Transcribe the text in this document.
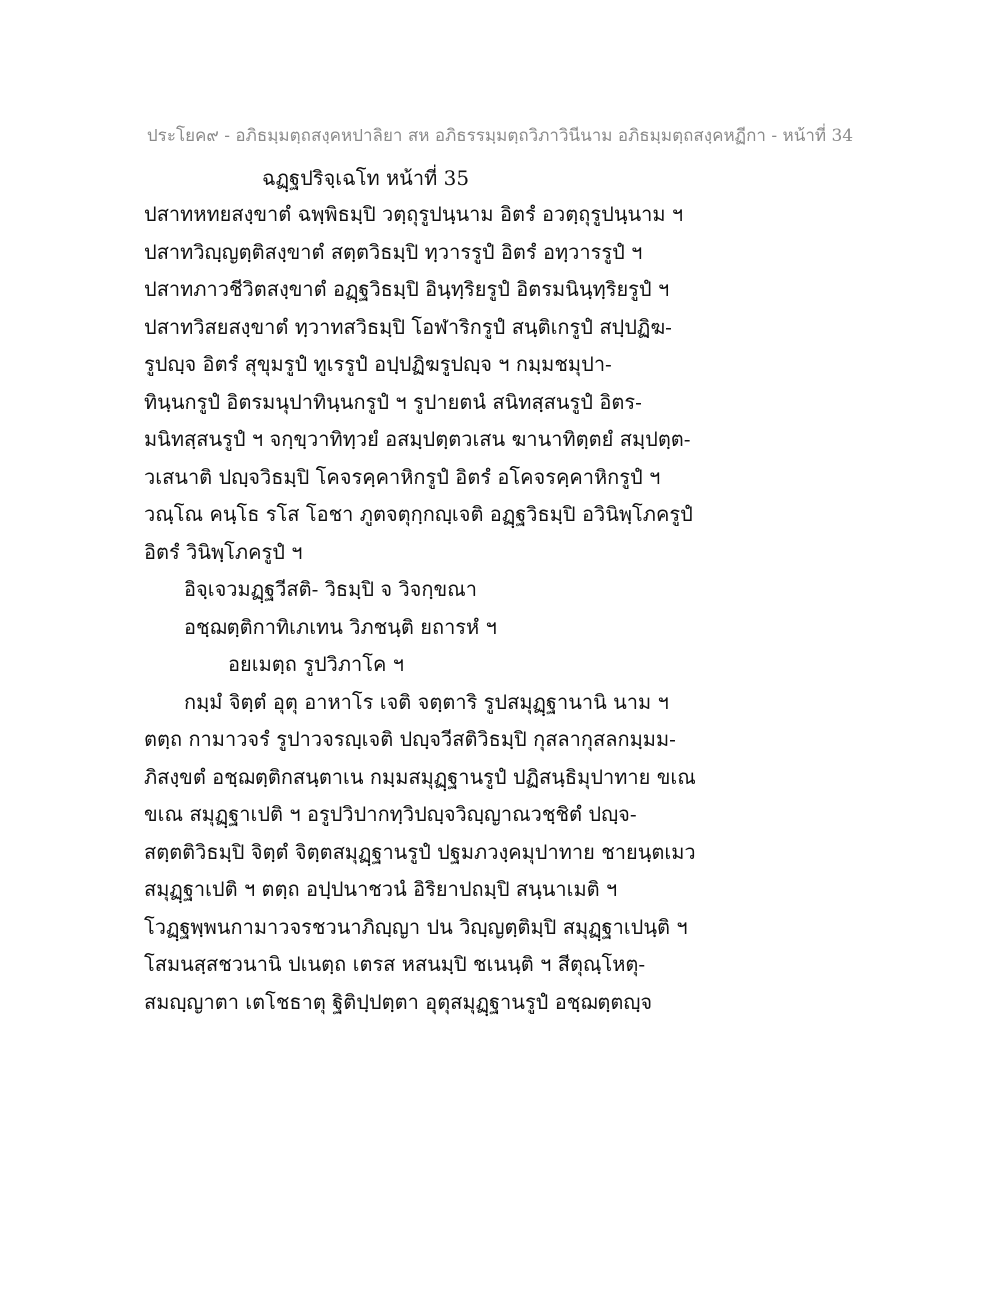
ประโยค๙ - อภิธมฺมตฺถสงฺคหปาลิยา สห อภิธรรมฺมตฺถวิภาวินีนาม อภิธมฺมตฺถสงฺคหฏีกา - หน้าที่ 34
ฉฏฺฐปริจฺเฉโท หน้าที่ 35
ปสาทหทยสงฺขาตํ ฉพฺพิธมฺปิ วตฺถุรูปนฺนาม อิตรํ อวตฺถุรูปนฺนาม ฯ
ปสาทวิญฺญตฺติสงฺขาตํ สตฺตวิธมฺปิ ทฺวารรูปํ อิตรํ อทฺวารรูปํ ฯ
ปสาทภาวชีวิตสงฺขาตํ อฏฺฐวิธมฺปิ อินฺทฺริยรูปํ อิตรมนินฺทฺริยรูปํ ฯ
ปสาทวิสยสงฺขาตํ ทฺวาทสวิธมฺปิ โอฬาริกรูปํ สนฺติเกรูปํ สปฺปฏิฆ-
รูปญฺจ อิตรํ สุขุมรูปํ ทูเรรูปํ อปฺปฏิฆรูปญฺจ ฯ กมฺมชมุปา-
ทินฺนกรูปํ อิตรมนุปาทินฺนกรูปํ ฯ รูปายตนํ สนิทสฺสนรูปํ อิตร-
มนิทสฺสนรูปํ ฯ จกฺขฺวาทิทฺวยํ อสมฺปตฺตวเสน ฆานาทิตฺตยํ สมฺปตฺต-
วเสนาติ ปญฺจวิธมฺปิ โคจรคฺคาหิกรูปํ อิตรํ อโคจรคฺคาหิกรูปํ ฯ
วณฺโณ คนฺโธ รโส โอชา ภูตจตุกฺกญฺเจติ อฏฺฐวิธมฺปิ อวินิพฺโภครูปํ
อิตรํ วินิพฺโภครูปํ ฯ
อิจฺเจวมฏฺฐวีสติ- วิธมฺปิ จ วิจกฺขณา
อชฺฌตฺติกาทิเภเทน วิภชนฺติ ยถารหํ ฯ
อยเมตฺถ รูปวิภาโค ฯ
กมฺมํ จิตฺตํ อุตุ อาหาโร เจติ จตฺตาริ รูปสมุฏฺฐานานิ นาม ฯ
ตตฺถ กามาวจรํ รูปาวจรญฺเจติ ปญฺจวีสติวิธมฺปิ กุสลากุสลกมฺมม-
ภิสงฺขตํ อชฺฌตฺติกสนฺตาเน กมฺมสมุฏฺฐานรูปํ ปฏิสนฺธิมุปาทาย ขเณ
ขเณ สมุฏฺฐาเปติ ฯ อรูปวิปากทฺวิปญฺจวิญฺญาณวชฺชิตํ ปญฺจ-
สตฺตติวิธมฺปิ จิตฺตํ จิตฺตสมุฏฺฐานรูปํ ปฐมภวงฺคมุปาทาย ชายนฺตเมว
สมุฏฺฐาเปติ ฯ ตตฺถ อปฺปนาชวนํ อิริยาปถมฺปิ สนฺนาเมติ ฯ
โวฏฺฐพฺพนกามาวจรชวนาภิญฺญา ปน วิญฺญตฺติมฺปิ สมุฏฺฐาเปนฺติ ฯ
โสมนสฺสชวนานิ ปเนตฺถ เตรส หสนมฺปิ ชเนนฺติ ฯ สีตุณฺโหตุ-
สมญฺญาตา เตโชธาตุ ฐิติปฺปตฺตา อุตุสมุฏฺฐานรูปํ อชฺฌตฺตญฺจ
